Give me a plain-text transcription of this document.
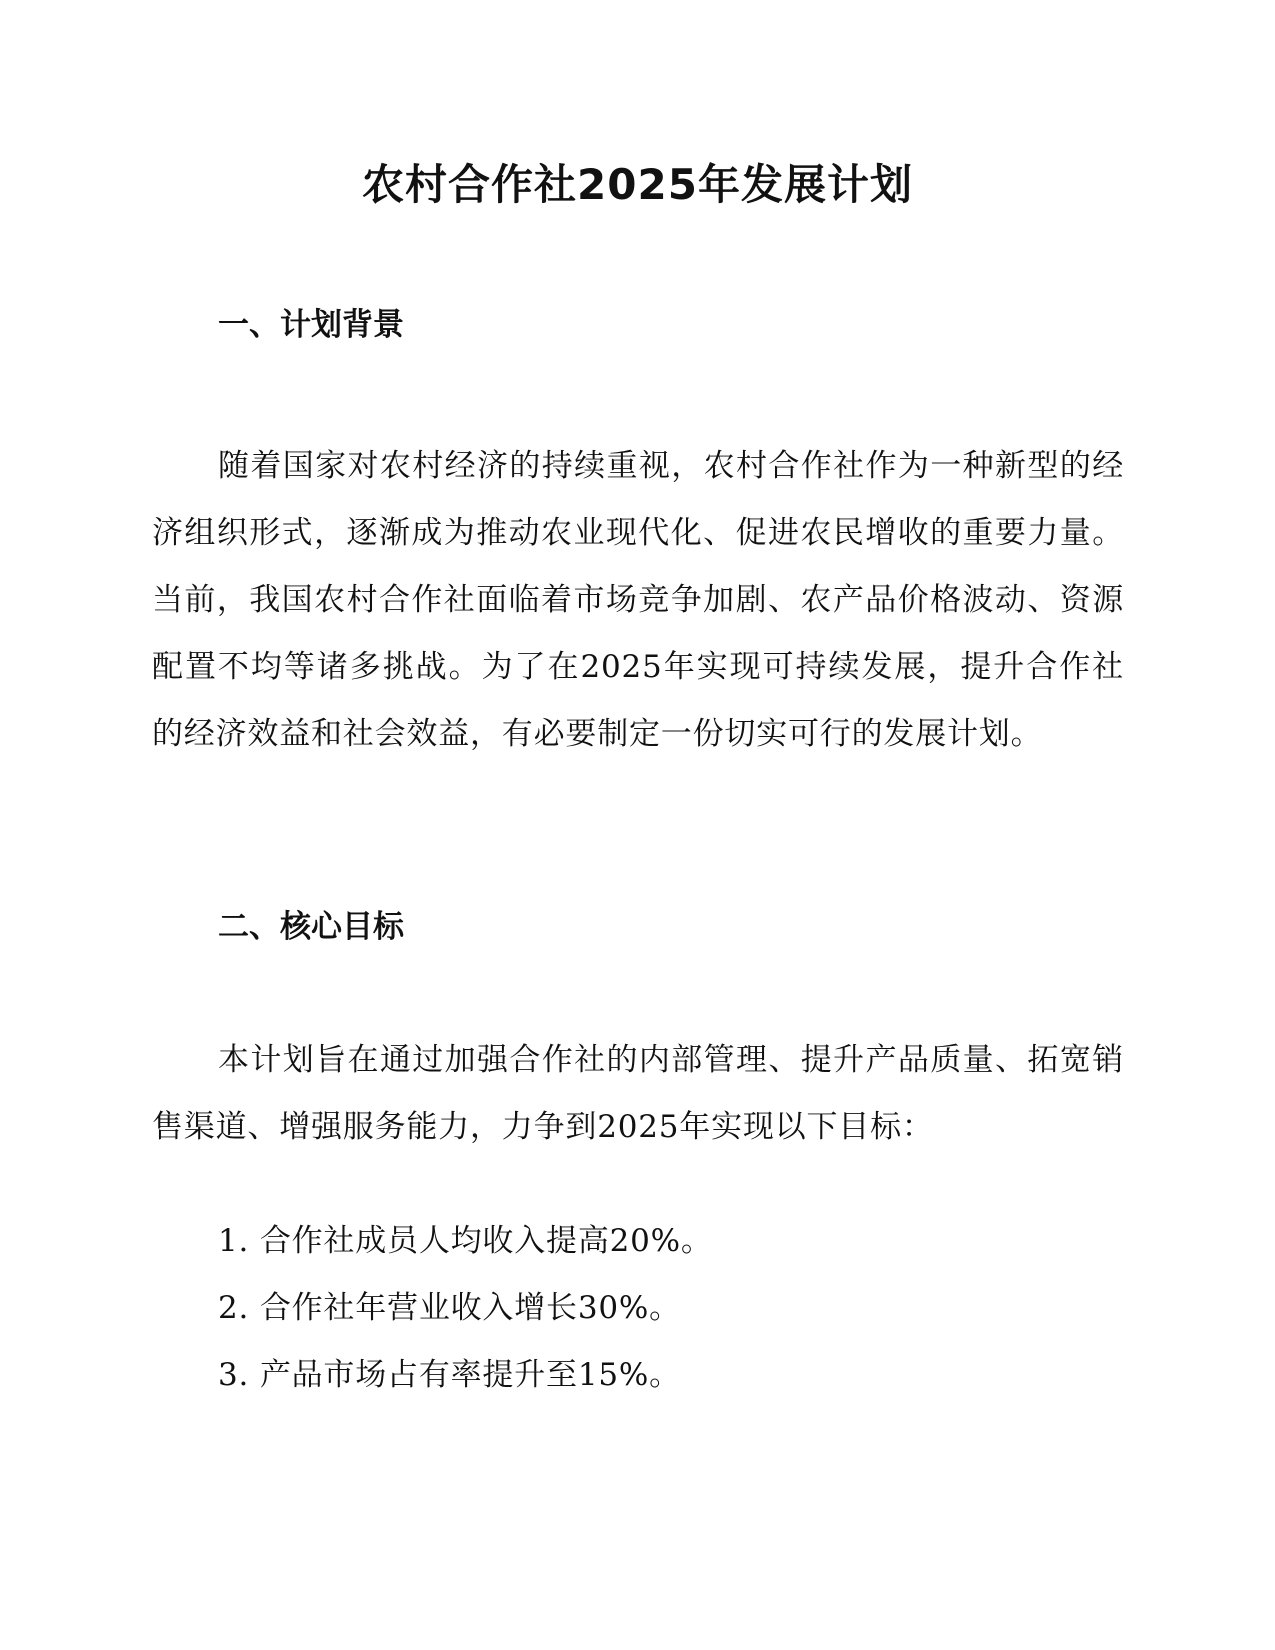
农村合作社2025年发展计划
一、计划背景

随着国家对农村经济的持续重视，农村合作社作为一种新型的经济组织形式，逐渐成为推动农业现代化、促进农民增收的重要力量。当前，我国农村合作社面临着市场竞争加剧、农产品价格波动、资源配置不均等诸多挑战。为了在2025年实现可持续发展，提升合作社的经济效益和社会效益，有必要制定一份切实可行的发展计划。

二、核心目标

本计划旨在通过加强合作社的内部管理、提升产品质量、拓宽销售渠道、增强服务能力，力争到2025年实现以下目标：

1. 合作社成员人均收入提高20%。
2. 合作社年营业收入增长30%。
3. 产品市场占有率提升至15%。
